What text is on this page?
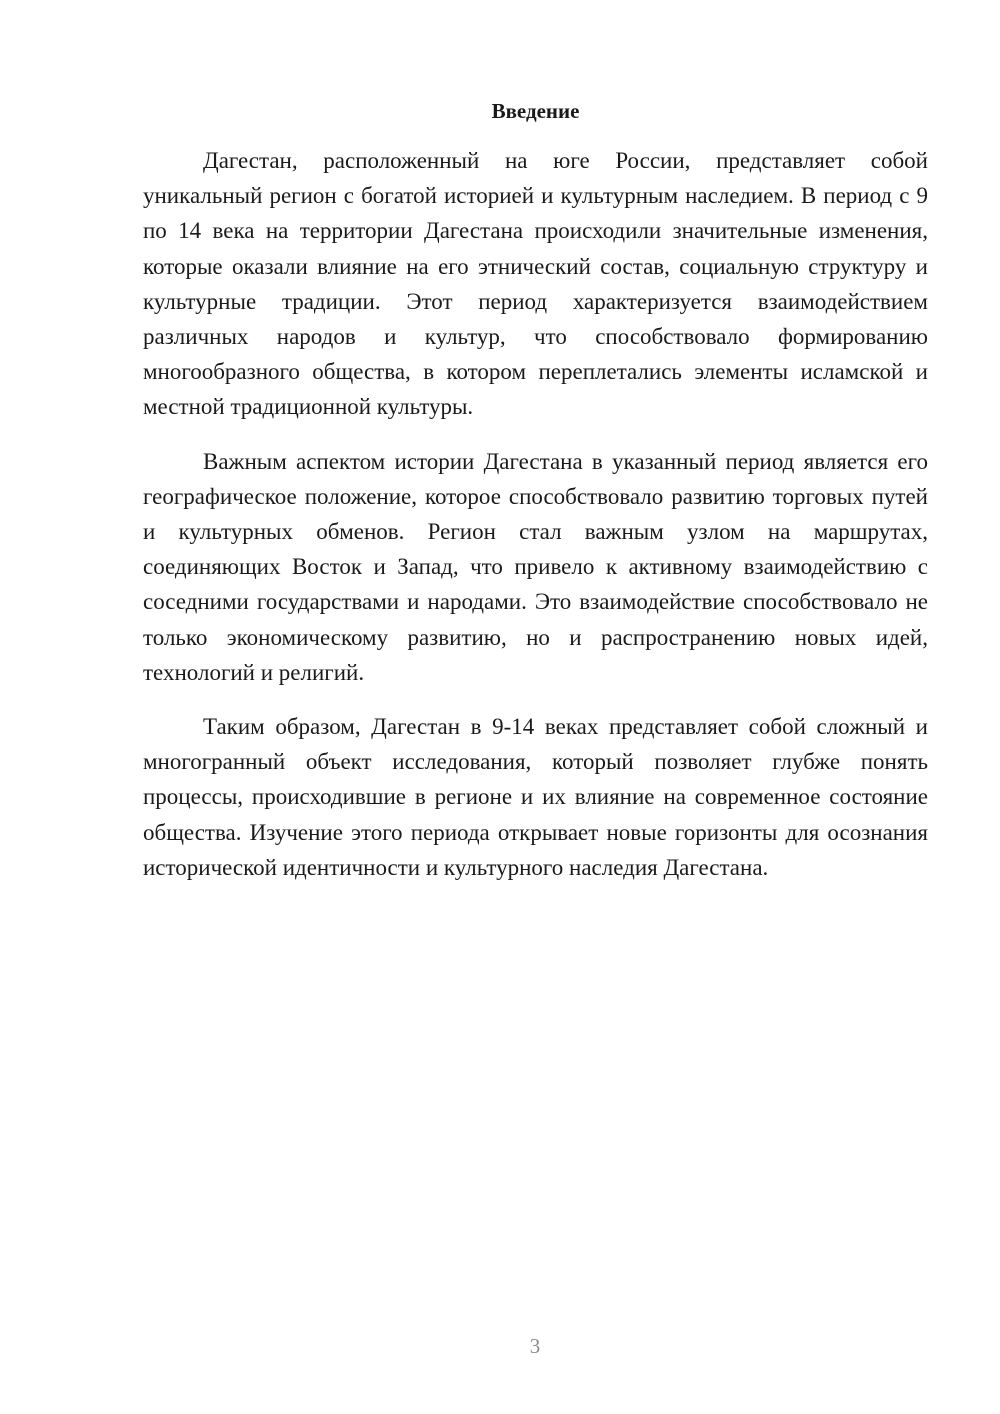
Введение

Дагестан, расположенный на юге России, представляет собой уникальный регион с богатой историей и культурным наследием. В период с 9 по 14 века на территории Дагестана происходили значительные изменения, которые оказали влияние на его этнический состав, социальную структуру и культурные традиции. Этот период характеризуется взаимодействием различных народов и культур, что способствовало формированию многообразного общества, в котором переплетались элементы исламской и местной традиционной культуры.

Важным аспектом истории Дагестана в указанный период является его географическое положение, которое способствовало развитию торговых путей и культурных обменов. Регион стал важным узлом на маршрутах, соединяющих Восток и Запад, что привело к активному взаимодействию с соседними государствами и народами. Это взаимодействие способствовало не только экономическому развитию, но и распространению новых идей, технологий и религий.

Таким образом, Дагестан в 9-14 веках представляет собой сложный и многогранный объект исследования, который позволяет глубже понять процессы, происходившие в регионе и их влияние на современное состояние общества. Изучение этого периода открывает новые горизонты для осознания исторической идентичности и культурного наследия Дагестана.

3
